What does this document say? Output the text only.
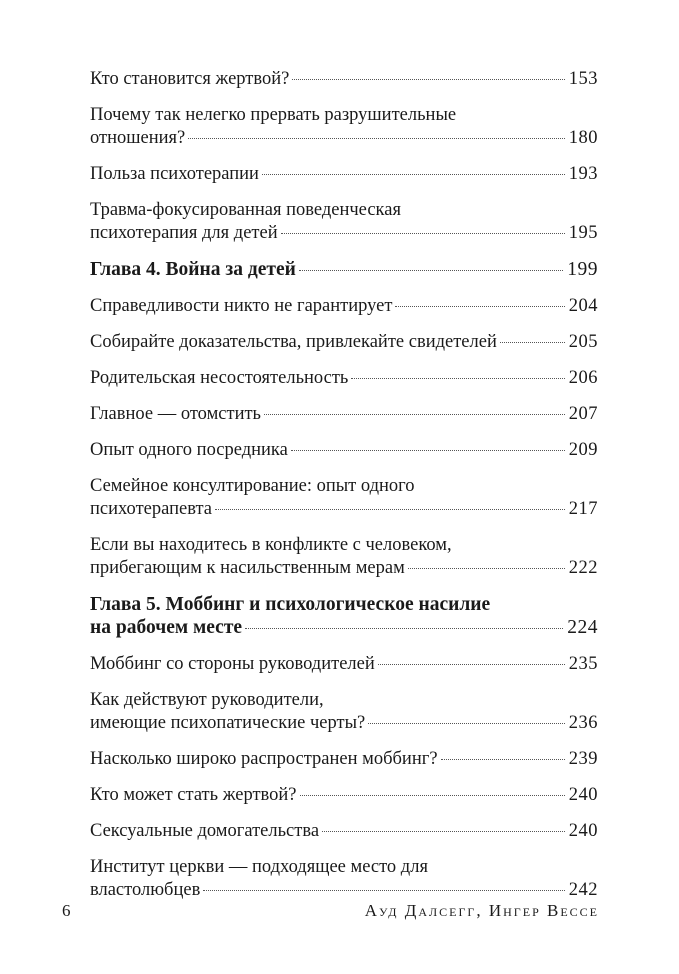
Кто становится жертвой?	153
Почему так нелегко прервать разрушительные
отношения?	180
Польза психотерапии	193
Травма-фокусированная поведенческая
психотерапия для детей	195
Глава 4. Война за детей	199
Справедливости никто не гарантирует	204
Собирайте доказательства, привлекайте свидетелей	205
Родительская несостоятельность	206
Главное — отомстить	207
Опыт одного посредника	209
Семейное консултирование: опыт одного
психотерапевта	217
Если вы находитесь в конфликте с человеком,
прибегающим к насильственным мерам	222
Глава 5. Моббинг и психологическое насилие
на рабочем месте	224
Моббинг со стороны руководителей	235
Как действуют руководители,
имеющие психопатические черты?	236
Насколько широко распространен моббинг?	239
Кто может стать жертвой?	240
Сексуальные домогательства	240
Институт церкви — подходящее место для
властолюбцев	242
6	Ауд Далсегг, Ингер Вессе
